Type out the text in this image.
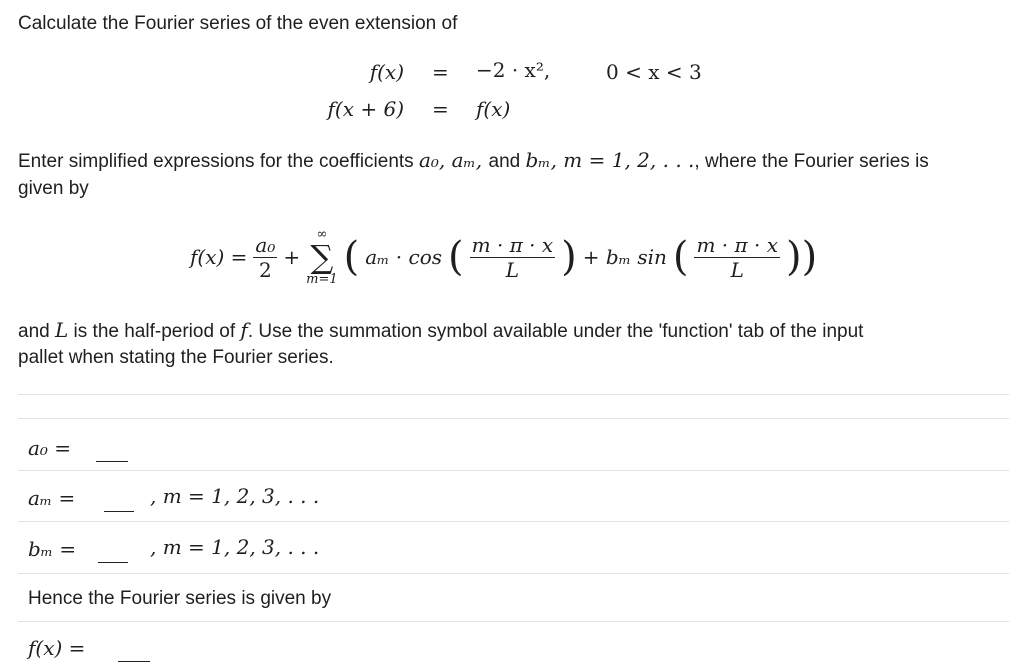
Calculate the Fourier series of the even extension of
f(x) = −2 · x²,	0 < x < 3
f(x + 6) = f(x)
Enter simplified expressions for the coefficients a₀, aₘ, and bₘ, m = 1, 2, . . ., where the Fourier series is
given by
$f(x) = \frac{\text{a₀}}{2}$ +
∞
∑
m=1 ( aₘ · cos ( $\frac{m \cdot \pi \cdot x}{L}$ ) + bₘ sin ( $\frac{m \cdot \pi \cdot x}{L}$ ))
and L is the half-period of f. Use the summation symbol available under the 'function' tab of the input
pallet when stating the Fourier series.
a₀ =
aₘ =	, m = 1, 2, 3, . . .
bₘ =	, m = 1, 2, 3, . . .
Hence the Fourier series is given by
f(x) =
